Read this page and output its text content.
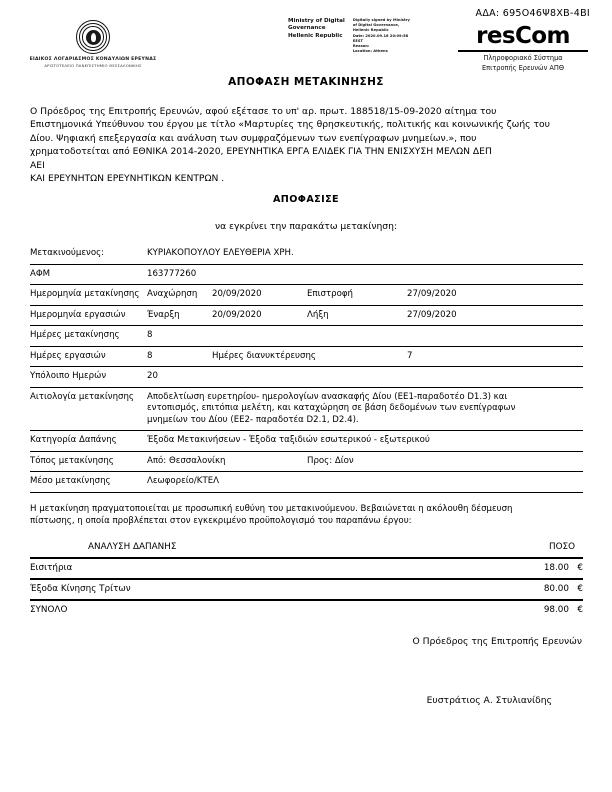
ΑΔΑ: 695Ο46Ψ8ΧΒ-4ΒΙ
ΕΙΔΙΚΟΣ ΛΟΓΑΡΙΑΣΜΟΣ ΚΟΝΔΥΛΙΩΝ ΕΡΕΥΝΑΣ
ΑΡΙΣΤΟΤΕΛΕΙΟ ΠΑΝΕΠΙΣΤΗΜΙΟ ΘΕΣΣΑΛΟΝΙΚΗΣ
Ministry of Digital
Governance
Hellenic Republic
Digitally signed by Ministry
of Digital Governance,
Hellenic Republic
Date: 2020.09.16 20:09:58
EEST
Reason:
Location: Athens
resCom
Πληροφοριακό Σύστημα
Επιτροπής Ερευνών ΑΠΘ
ΑΠΟΦΑΣΗ ΜΕΤΑΚΙΝΗΣΗΣ
Ο Πρόεδρος της Επιτροπής Ερευνών, αφού εξέτασε το υπ' αρ. πρωτ. 188518/15-09-2020 αίτημα του
Επιστημονικά Υπεύθυνου του έργου με τίτλο «Μαρτυρίες της θρησκευτικής, πολιτικής και κοινωνικής ζωής του
Δίου. Ψηφιακή επεξεργασία και ανάλυση των συμφραζόμενων των ενεπίγραφων μνημείων.», που
χρηματοδοτείται από ΕΘΝΙΚΑ 2014-2020, ΕΡΕΥΝΗΤΙΚΑ ΕΡΓΑ ΕΛΙΔΕΚ ΓΙΑ ΤΗΝ ΕΝΙΣΧΥΣΗ ΜΕΛΩΝ ΔΕΠ
ΑΕΙ
ΚΑΙ ΕΡΕΥΝΗΤΩΝ ΕΡΕΥΝΗΤΙΚΩΝ ΚΕΝΤΡΩΝ .
ΑΠΟΦΑΣΙΣΕ
να εγκρίνει την παρακάτω μετακίνηση:
Μετακινούμενος:	ΚΥΡΙΑΚΟΠΟΥΛΟΥ ΕΛΕΥΘΕΡΙΑ ΧΡΗ.			
ΑΦΜ	163777260			
Ημερομηνία μετακίνησης	Αναχώρηση	20/09/2020	Επιστροφή	27/09/2020
Ημερομηνία εργασιών	Έναρξη	20/09/2020	Λήξη	27/09/2020
Ημέρες μετακίνησης	8			
Ημέρες εργασιών	8	Ημέρες διανυκτέρευσης		7
Υπόλοιπο Ημερών	20			
Αιτιολογία μετακίνησης	Αποδελτίωση ευρετηρίου- ημερολογίων ανασκαφής Δίου (ΕΕ1-παραδοτέο D1.3) και
εντοπισμός, επιτόπια μελέτη, και καταχώρηση σε βάση δεδομένων των ενεπίγραφων
μνημείων του Δίου (ΕΕ2- παραδοτέα D2.1, D2.4).			

Κατηγορία Δαπάνης	Έξοδα Μετακινήσεων - Έξοδα ταξιδιών εσωτερικού - εξωτερικού			
Τόπος μετακίνησης	Από: Θεσσαλονίκη		Προς: Δίον	
Μέσο μετακίνησης	Λεωφορείο/ΚΤΕΛ			
Η μετακίνηση πραγματοποιείται με προσωπική ευθύνη του μετακινούμενου. Βεβαιώνεται η ακόλουθη δέσμευση
πίστωσης, η οποία προβλέπεται στον εγκεκριμένο προϋπολογισμό του παραπάνω έργου:
ΑΝΑΛΥΣΗ ΔΑΠΑΝΗΣ	ΠΟΣΟ
Εισιτήρια	18.00 €
Έξοδα Κίνησης Τρίτων	80.00 €
ΣΥΝΟΛΟ	98.00 €
Ο Πρόεδρος της Επιτροπής Ερευνών
Ευστράτιος Α. Στυλιανίδης
